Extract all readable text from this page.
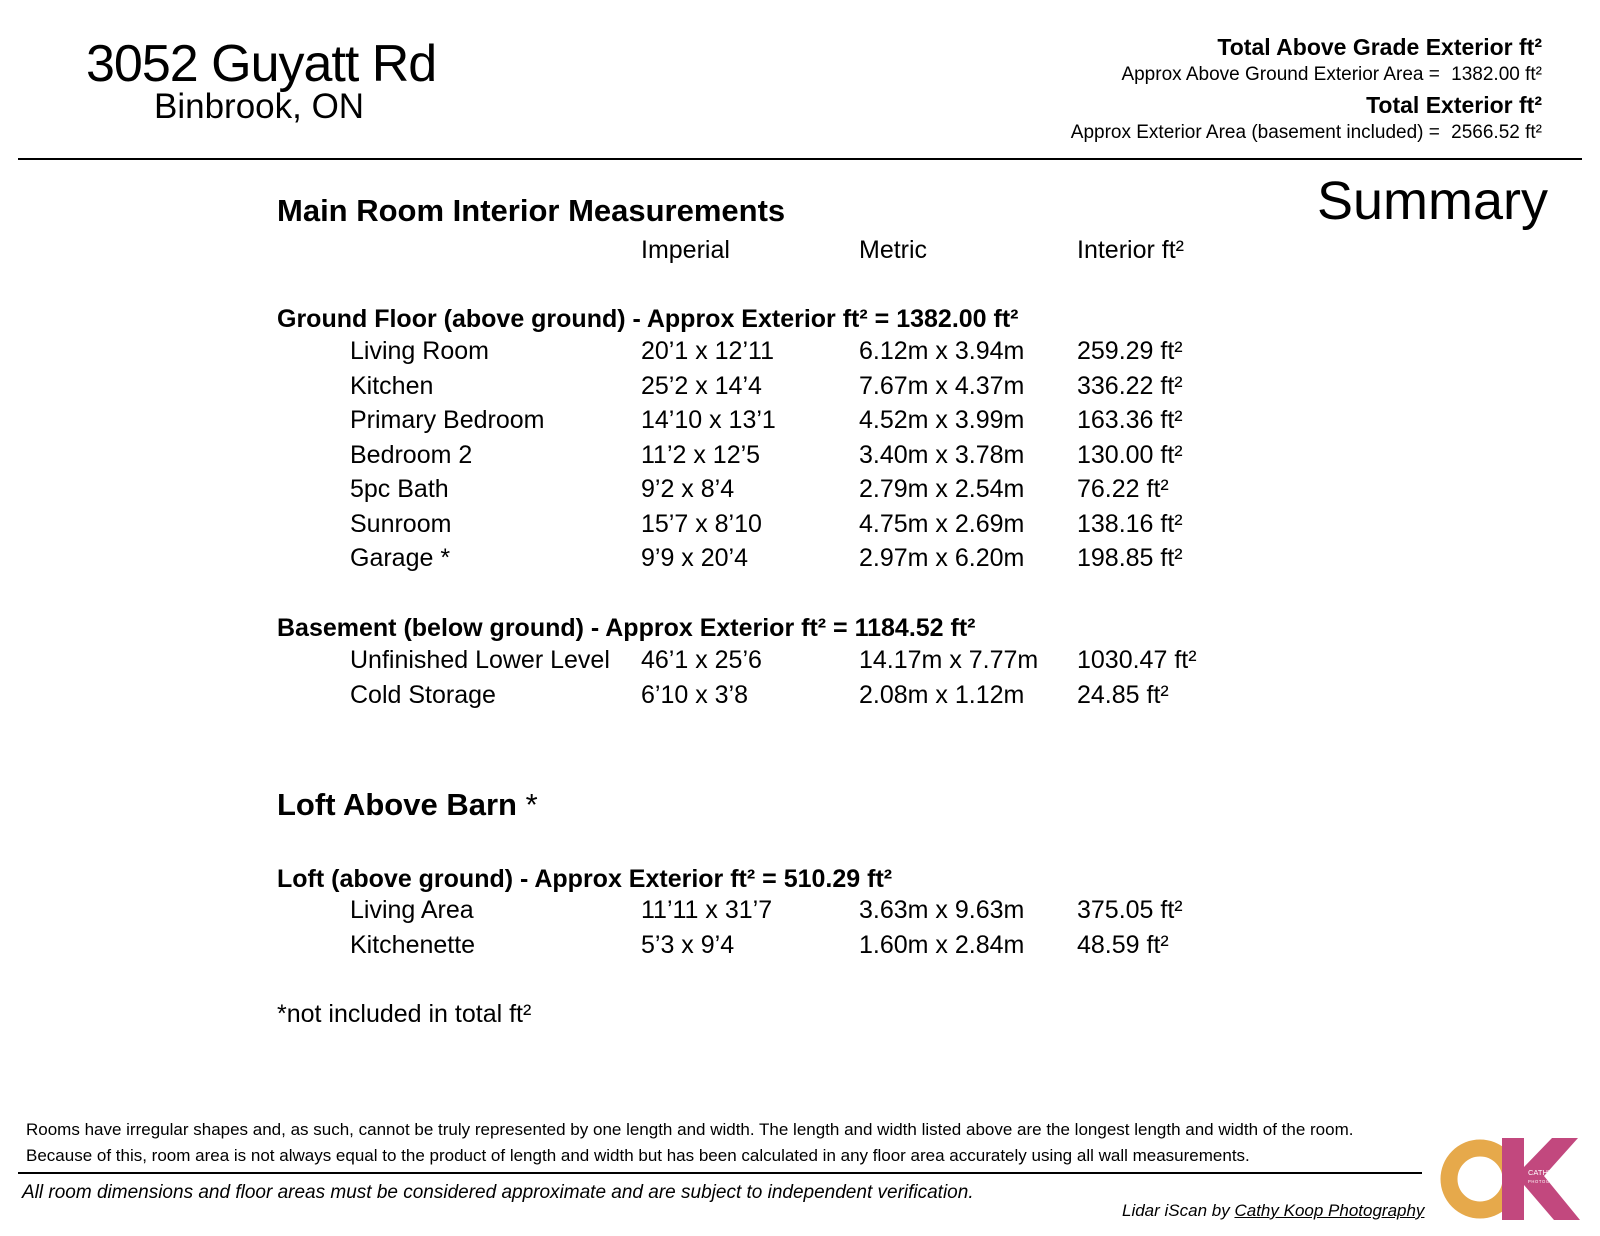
3052 Guyatt Rd
Binbrook, ON
Total Above Grade Exterior ft²
Approx Above Ground Exterior Area = 1382.00 ft²
Total Exterior ft²
Approx Exterior Area (basement included) = 2566.52 ft²
Summary
Main Room Interior Measurements
Imperial	Metric	Interior ft²
Ground Floor (above ground) - Approx Exterior ft² = 1382.00 ft²
Living Room	20’1 x 12’11	6.12m x 3.94m 259.29 ft²
Kitchen	25’2 x 14’4	7.67m x 4.37m 336.22 ft²
Primary Bedroom	14’10 x 13’1	4.52m x 3.99m 163.36 ft²
Bedroom 2	11’2 x 12’5	3.40m x 3.78m 130.00 ft²
5pc Bath	9’2 x 8’4	2.79m x 2.54m 76.22 ft²
Sunroom	15’7 x 8’10	4.75m x 2.69m 138.16 ft²
Garage *	9’9 x 20’4	2.97m x 6.20m 198.85 ft²
Basement (below ground) - Approx Exterior ft² = 1184.52 ft²
Unfinished Lower Level 46’1 x 25’6	14.17m x 7.77m 1030.47 ft²
Cold Storage	6’10 x 3’8	2.08m x 1.12m 24.85 ft²
Loft Above Barn *
Loft (above ground) - Approx Exterior ft² = 510.29 ft²
Living Area	11’11 x 31’7	3.63m x 9.63m 375.05 ft²
Kitchenette	5’3 x 9’4	1.60m x 2.84m 48.59 ft²
*not included in total ft²
Rooms have irregular shapes and, as such, cannot be truly represented by one length and width. The length and width listed above are the longest length and width of the room.
Because of this, room area is not always equal to the product of length and width but has been calculated in any floor area accurately using all wall measurements.
All room dimensions and floor areas must be considered approximate and are subject to independent verification.
Lidar iScan by Cathy Koop Photography
CATHY KOOP
PHOTOGRAPHY
